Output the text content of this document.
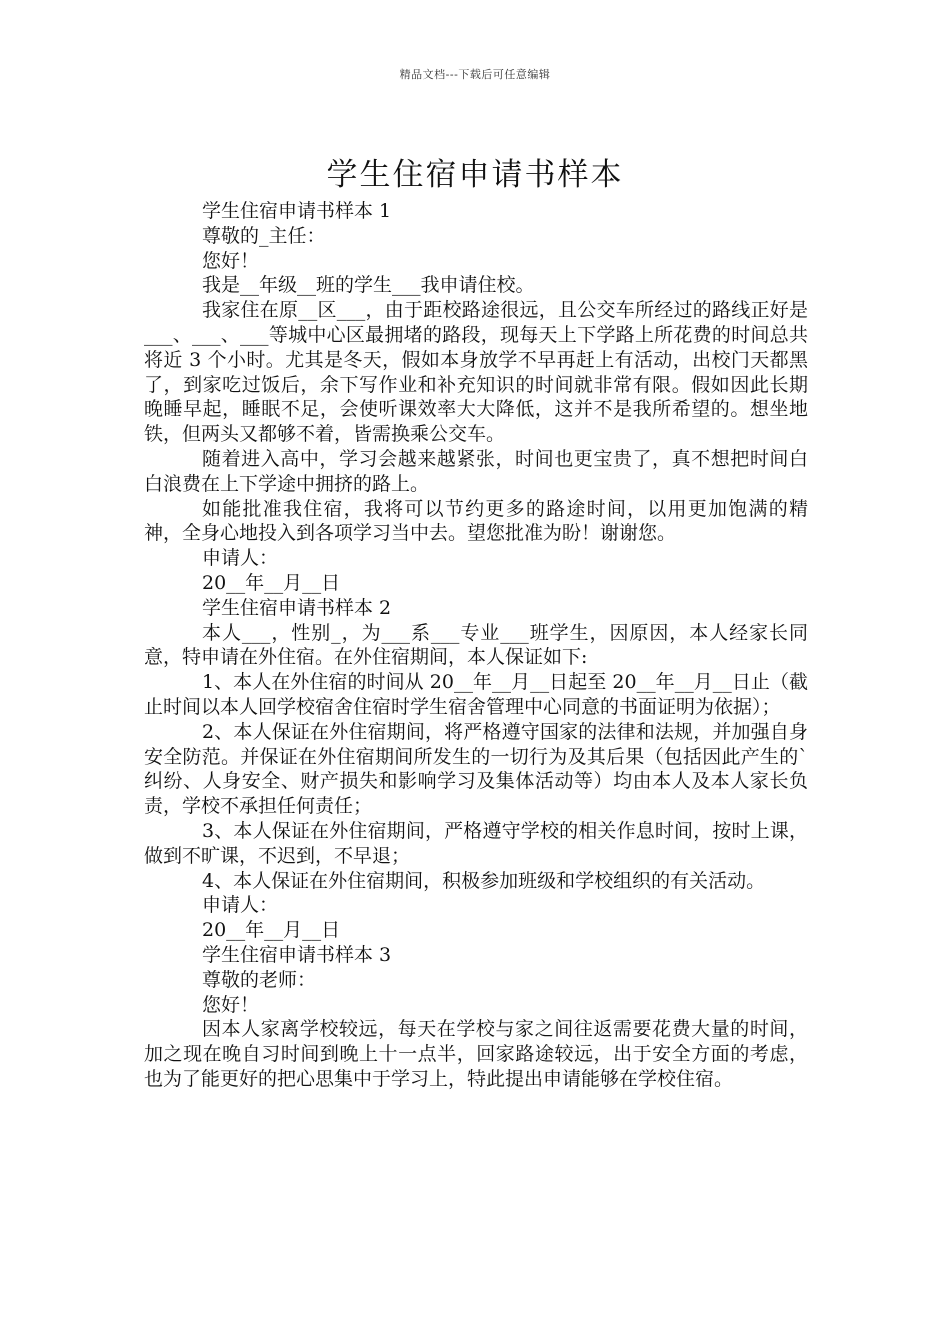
精品文档---下载后可任意编辑
学生住宿申请书样本

学生住宿申请书样本 1

尊敬的_主任：

您好！

我是__年级__班的学生___我申请住校。

我家住在原__区___，由于距校路途很远，且公交车所经过的路线正好是___、___、___等城中心区最拥堵的路段，现每天上下学路上所花费的时间总共将近 3 个小时。尤其是冬天，假如本身放学不早再赶上有活动，出校门天都黑了，到家吃过饭后，余下写作业和补充知识的时间就非常有限。假如因此长期晚睡早起，睡眠不足，会使听课效率大大降低，这并不是我所希望的。想坐地铁，但两头又都够不着，皆需换乘公交车。

随着进入高中，学习会越来越紧张，时间也更宝贵了，真不想把时间白白浪费在上下学途中拥挤的路上。

如能批准我住宿，我将可以节约更多的路途时间，以用更加饱满的精神，全身心地投入到各项学习当中去。望您批准为盼！谢谢您。

申请人：

20__年__月__日

学生住宿申请书样本 2

本人___，性别_，为___系___专业___班学生，因原因，本人经家长同意，特申请在外住宿。在外住宿期间，本人保证如下:

1、本人在外住宿的时间从 20__年__月__日起至 20__年__月__日止（截止时间以本人回学校宿舍住宿时学生宿舍管理中心同意的书面证明为依据）；

2、本人保证在外住宿期间，将严格遵守国家的法律和法规，并加强自身安全防范。并保证在外住宿期间所发生的一切行为及其后果（包括因此产生的`纠纷、人身安全、财产损失和影响学习及集体活动等）均由本人及本人家长负责，学校不承担任何责任；

3、本人保证在外住宿期间，严格遵守学校的相关作息时间，按时上课，做到不旷课，不迟到，不早退；

4、本人保证在外住宿期间，积极参加班级和学校组织的有关活动。

申请人：

20__年__月__日

学生住宿申请书样本 3

尊敬的老师：

您好！

因本人家离学校较远，每天在学校与家之间往返需要花费大量的时间，加之现在晚自习时间到晚上十一点半，回家路途较远，出于安全方面的考虑，也为了能更好的把心思集中于学习上，特此提出申请能够在学校住宿。
